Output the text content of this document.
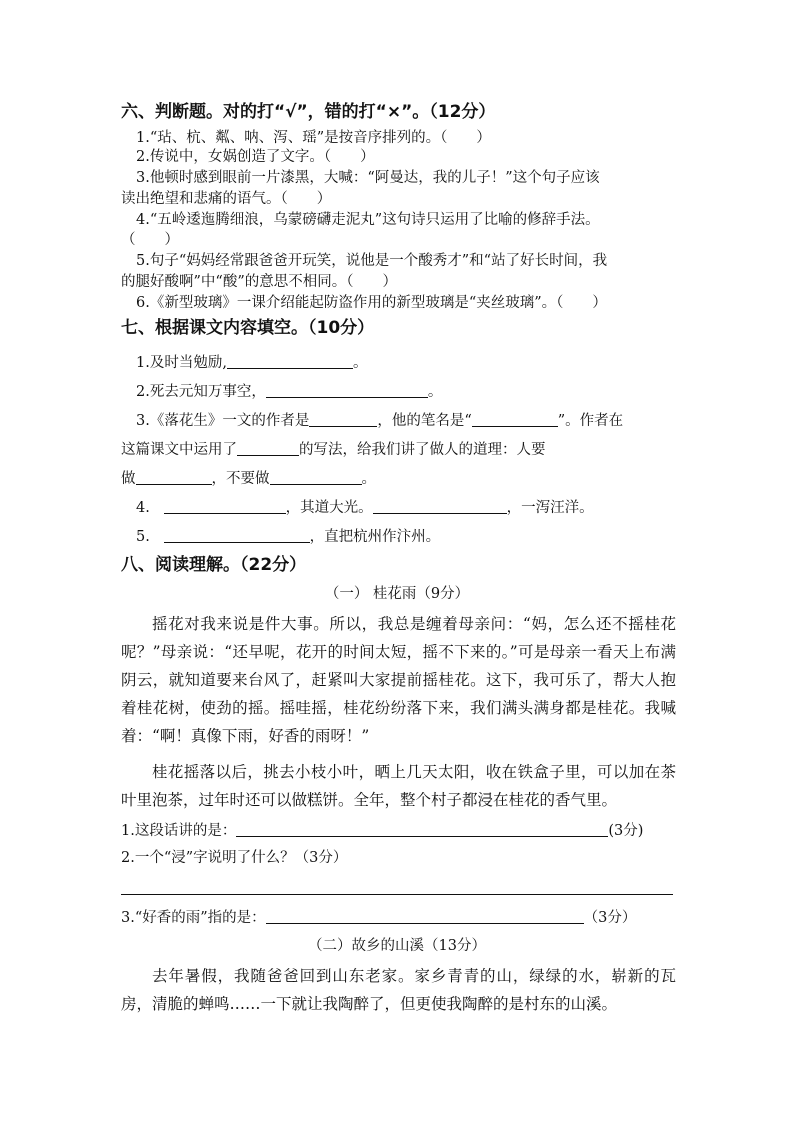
六、判断题。对的打“√”，错的打“×”。（12分）
1.“玷、杭、粼、呐、泻、瑶”是按音序排列的。（　　）
2.传说中，女娲创造了文字。（　　）
3.他顿时感到眼前一片漆黑，大喊：“阿曼达，我的儿子！”这个句子应该
读出绝望和悲痛的语气。（　　）
4.“五岭逶迤腾细浪，乌蒙磅礴走泥丸”这句诗只运用了比喻的修辞手法。
（　　）
5.句子“妈妈经常跟爸爸开玩笑，说他是一个酸秀才”和“站了好长时间，我
的腿好酸啊”中“酸”的意思不相同。（　　）
6.《新型玻璃》一课介绍能起防盗作用的新型玻璃是“夹丝玻璃”。（　　）
七、根据课文内容填空。（10分）
1.及时当勉励,	。
2.死去元知万事空，	。
3.《落花生》一文的作者是	，他的笔名是“	”。作者在
这篇课文中运用了	的写法，给我们讲了做人的道理：人要
做	，不要做	。
4.	，其道大光。	，一泻汪洋。
5.	，直把杭州作汴州。
八、阅读理解。（22分）
（一） 桂花雨（9分）

摇花对我来说是件大事。所以，我总是缠着母亲问：“妈，怎么还不摇桂花呢？”母亲说：“还早呢，花开的时间太短，摇不下来的。”可是母亲一看天上布满阴云，就知道要来台风了，赶紧叫大家提前摇桂花。这下，我可乐了，帮大人抱着桂花树，使劲的摇。摇哇摇，桂花纷纷落下来，我们满头满身都是桂花。我喊着：“啊！真像下雨，好香的雨呀！”

桂花摇落以后，挑去小枝小叶，晒上几天太阳，收在铁盒子里，可以加在茶叶里泡茶，过年时还可以做糕饼。全年，整个村子都浸在桂花的香气里。

1.这段话讲的是：	(3分)
2.一个“浸”字说明了什么？（3分）
3.“好香的雨”指的是：	（3分）
（二）故乡的山溪（13分）

去年暑假，我随爸爸回到山东老家。家乡青青的山，绿绿的水，崭新的瓦房，清脆的蝉鸣……一下就让我陶醉了，但更使我陶醉的是村东的山溪。
